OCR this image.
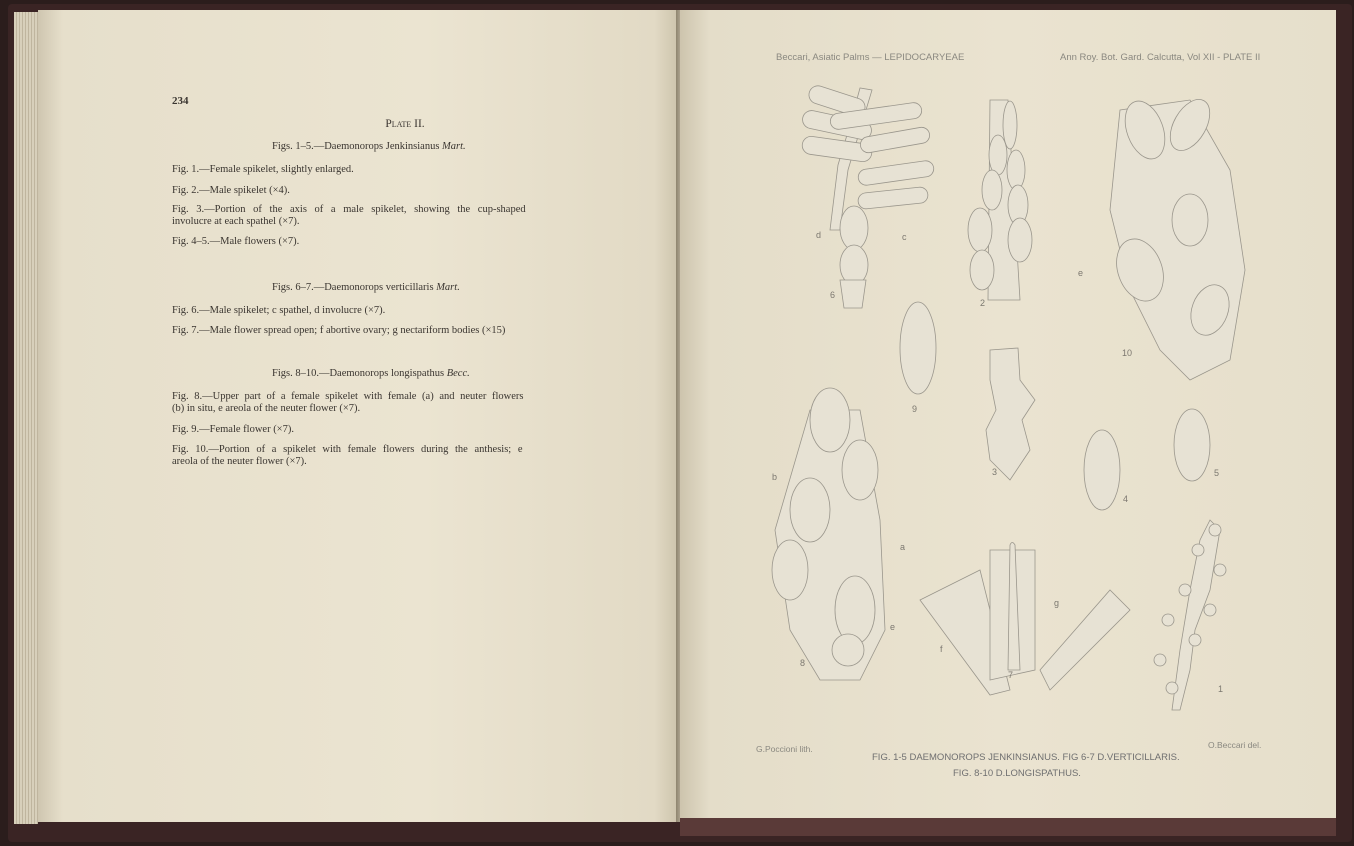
234
Plate II.
Figs. 1–5.—Daemonorops Jenkinsianus Mart.
Fig. 1.—Female spikelet, slightly enlarged.
Fig. 2.—Male spikelet (×4).
Fig. 3.—Portion of the axis of a male spikelet, showing the cup-shaped
involucre at each spathel (×7).
Fig. 4–5.—Male flowers (×7).
Figs. 6–7.—Daemonorops verticillaris Mart.
Fig. 6.—Male spikelet; c spathel, d involucre (×7).
Fig. 7.—Male flower spread open; f abortive ovary; g nectariform bodies (×15)
Figs. 8–10.—Daemonorops longispathus Becc.
Fig. 8.—Upper part of a female spikelet with female (a) and neuter flowers
(b) in situ, e areola of the neuter flower (×7).
Fig. 9.—Female flower (×7).
Fig. 10.—Portion of a spikelet with female flowers during the anthesis; e
areola of the neuter flower (×7).
Beccari, Asiatic Palms — LEPIDOCARYEAE	Ann Roy. Bot. Gard. Calcutta, Vol XII - PLATE II
6
2
10
9
3
4
5
8
7
1
a
b
d
e
f
g
c
e
G.Poccioni lith.	O.Beccari del.
FIG. 1-5 DAEMONOROPS JENKINSIANUS. FIG 6-7 D.VERTICILLARIS.
FIG. 8-10 D.LONGISPATHUS.
